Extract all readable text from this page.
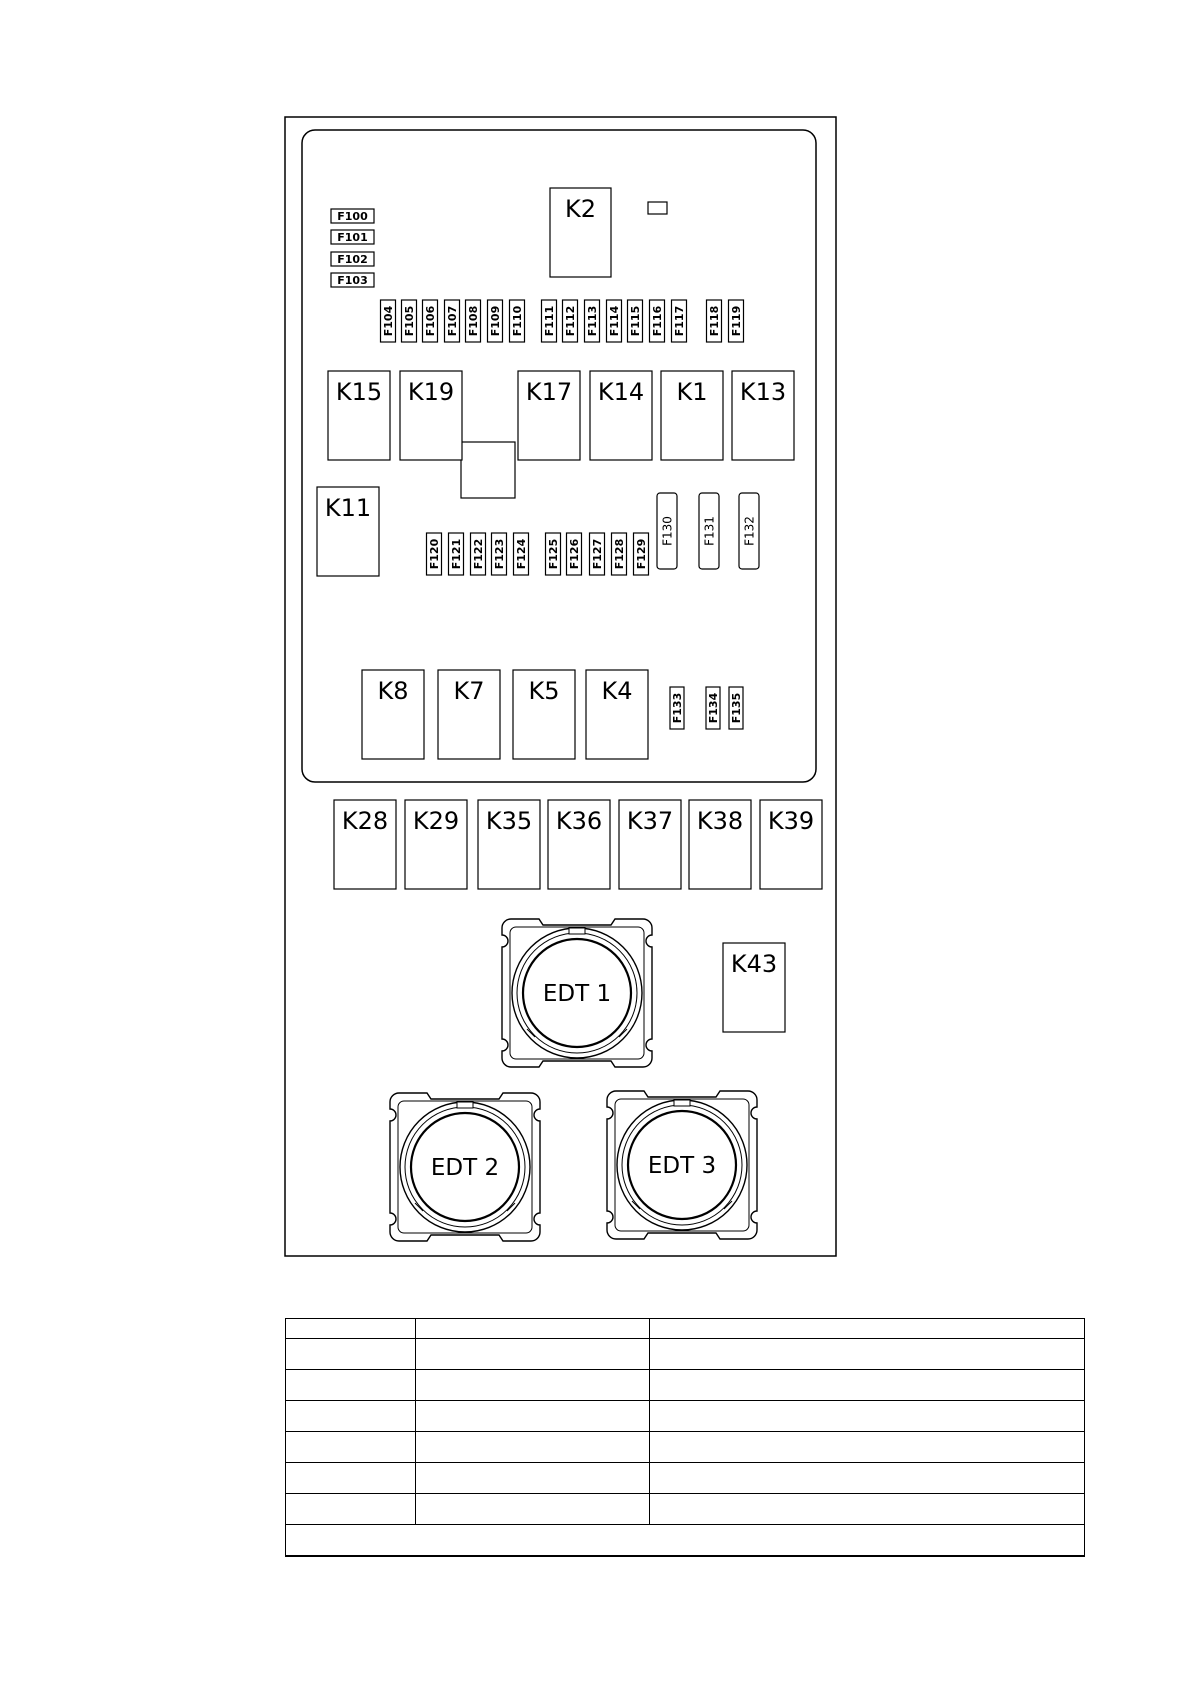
K2
K15 K19	K17 K14 K1 K13
K11
K8 K7 K5 K4
K28 K29 K35 K36 K37 K38 K39
K43
F100
F101
F102
F103
F104 F105 F106 F107 F108 F109 F110 F111 F112 F113 F114 F115 F116 F117 F118 F119
F120 F121 F122 F123 F124 F125 F126 F127 F128 F129
F130 F131 F132
F133 F134 F135
EDT 1
EDT 2	EDT 3
